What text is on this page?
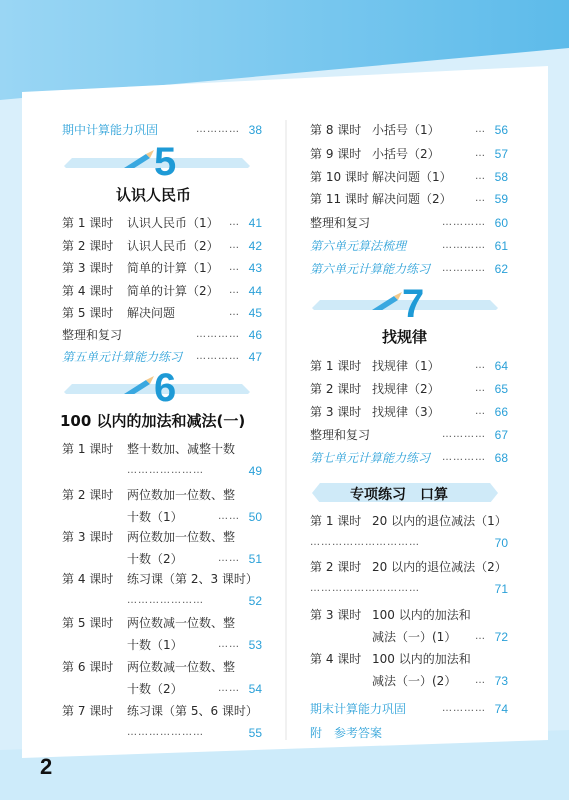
2
期中计算能力巩固	………… 38
5
认识人民币
第 1 课时 认识人民币（1） … 41
第 2 课时 认识人民币（2） … 42
第 3 课时 简单的计算（1） … 43
第 4 课时 简单的计算（2） … 44
第 5 课时 解决问题	… 45
整理和复习	………… 46
第五单元计算能力练习 ………… 47
6
100 以内的加法和减法(一)
第 1 课时 整十数加、减整十数
…………………	49
第 2 课时 两位数加一位数、整
十数（1）	…… 50
第 3 课时 两位数加一位数、整
十数（2）	…… 51
第 4 课时 练习课（第 2、3 课时）
…………………	52
第 5 课时 两位数减一位数、整
十数（1）	…… 53
第 6 课时 两位数减一位数、整
十数（2）	…… 54
第 7 课时 练习课（第 5、6 课时）
…………………	55
第 8 课时 小括号（1）	… 56
第 9 课时 小括号（2）	… 57
第 10 课时 解决问题（1） … 58
第 11 课时 解决问题（2） … 59
整理和复习	………… 60
第六单元算法梳理	………… 61
第六单元计算能力练习 ………… 62
7
找规律
第 1 课时 找规律（1）	… 64
第 2 课时 找规律（2）	… 65
第 3 课时 找规律（3）	… 66
整理和复习	………… 67
第七单元计算能力练习 ………… 68
专项练习　口算
第 1 课时 20 以内的退位减法（1）
…………………………	70
第 2 课时 20 以内的退位减法（2）
…………………………	71
第 3 课时 100 以内的加法和
减法（一）(1） … 72
第 4 课时 100 以内的加法和
减法（一）(2） … 73
期末计算能力巩固	………… 74
附　参考答案
